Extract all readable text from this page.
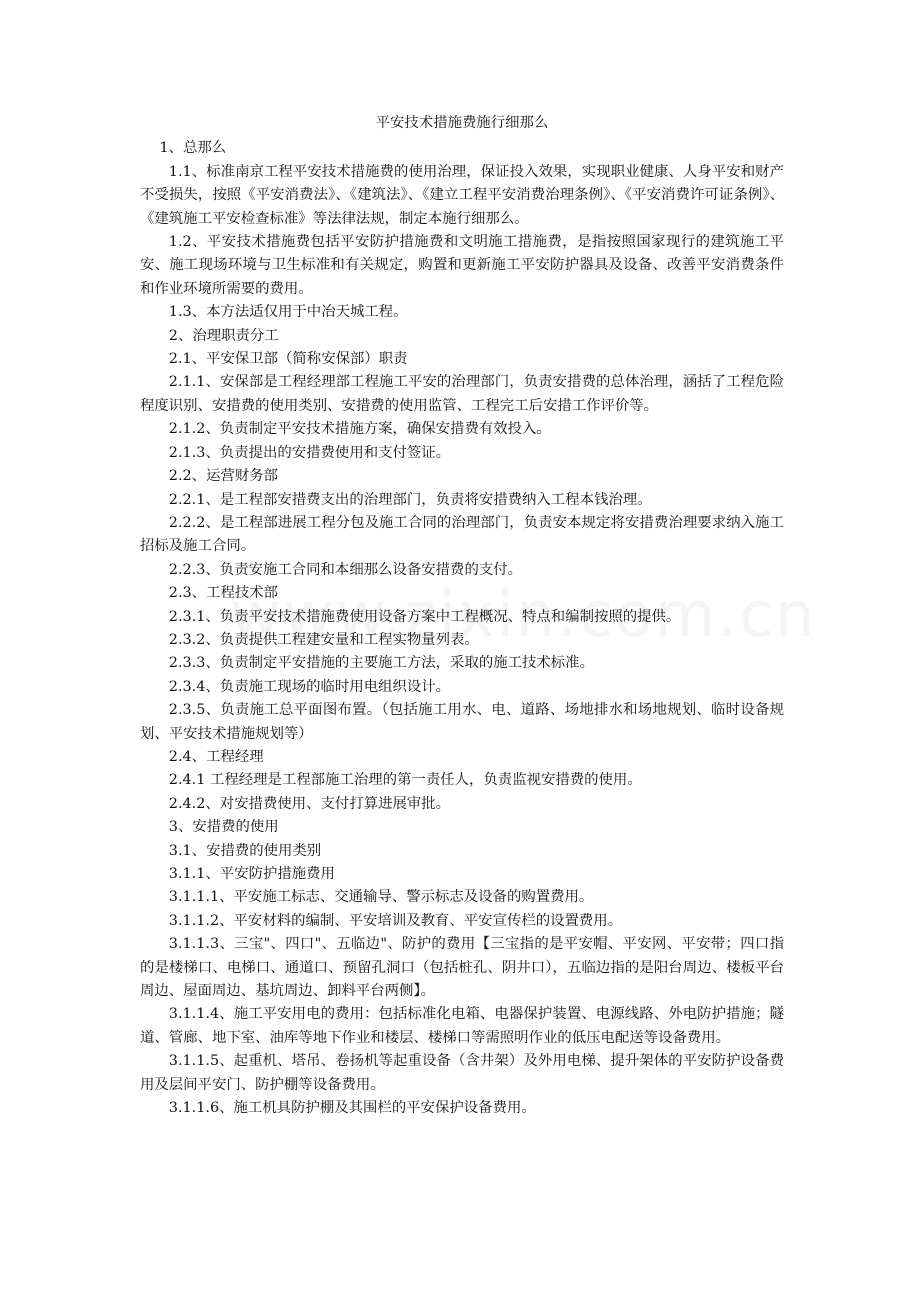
平安技术措施费施行细那么

1、总那么

1.1、标准南京工程平安技术措施费的使用治理，保证投入效果，实现职业健康、人身平安和财产不受损失，按照《平安消费法》、《建筑法》、《建立工程平安消费治理条例》、《平安消费许可证条例》、《建筑施工平安检查标准》等法律法规，制定本施行细那么。

1.2、平安技术措施费包括平安防护措施费和文明施工措施费，是指按照国家现行的建筑施工平安、施工现场环境与卫生标准和有关规定，购置和更新施工平安防护器具及设备、改善平安消费条件和作业环境所需要的费用。

1.3、本方法适仅用于中冶天城工程。

2、治理职责分工

2.1、平安保卫部（简称安保部）职责

2.1.1、安保部是工程经理部工程施工平安的治理部门，负责安措费的总体治理，涵括了工程危险程度识别、安措费的使用类别、安措费的使用监管、工程完工后安措工作评价等。

2.1.2、负责制定平安技术措施方案，确保安措费有效投入。

2.1.3、负责提出的安措费使用和支付签证。

2.2、运营财务部

2.2.1、是工程部安措费支出的治理部门，负责将安措费纳入工程本钱治理。

2.2.2、是工程部进展工程分包及施工合同的治理部门，负责安本规定将安措费治理要求纳入施工招标及施工合同。

2.2.3、负责安施工合同和本细那么设备安措费的支付。

2.3、工程技术部

2.3.1、负责平安技术措施费使用设备方案中工程概况、特点和编制按照的提供。

2.3.2、负责提供工程建安量和工程实物量列表。

2.3.3、负责制定平安措施的主要施工方法，采取的施工技术标准。

2.3.4、负责施工现场的临时用电组织设计。

2.3.5、负责施工总平面图布置。（包括施工用水、电、道路、场地排水和场地规划、临时设备规划、平安技术措施规划等）

2.4、工程经理

2.4.1 工程经理是工程部施工治理的第一责任人，负责监视安措费的使用。

2.4.2、对安措费使用、支付打算进展审批。

3、安措费的使用

3.1、安措费的使用类别

3.1.1、平安防护措施费用

3.1.1.1、平安施工标志、交通输导、警示标志及设备的购置费用。

3.1.1.2、平安材料的编制、平安培训及教育、平安宣传栏的设置费用。

3.1.1.3、三宝"、四口"、五临边"、防护的费用【三宝指的是平安帽、平安网、平安带；四口指的是楼梯口、电梯口、通道口、预留孔洞口（包括桩孔、阴井口），五临边指的是阳台周边、楼板平台周边、屋面周边、基坑周边、卸料平台两侧】。

3.1.1.4、施工平安用电的费用：包括标准化电箱、电器保护装置、电源线路、外电防护措施；隧道、管廊、地下室、油库等地下作业和楼层、楼梯口等需照明作业的低压电配送等设备费用。

3.1.1.5、起重机、塔吊、卷扬机等起重设备（含井架）及外用电梯、提升架体的平安防护设备费用及层间平安门、防护棚等设备费用。

3.1.1.6、施工机具防护棚及其围栏的平安保护设备费用。
